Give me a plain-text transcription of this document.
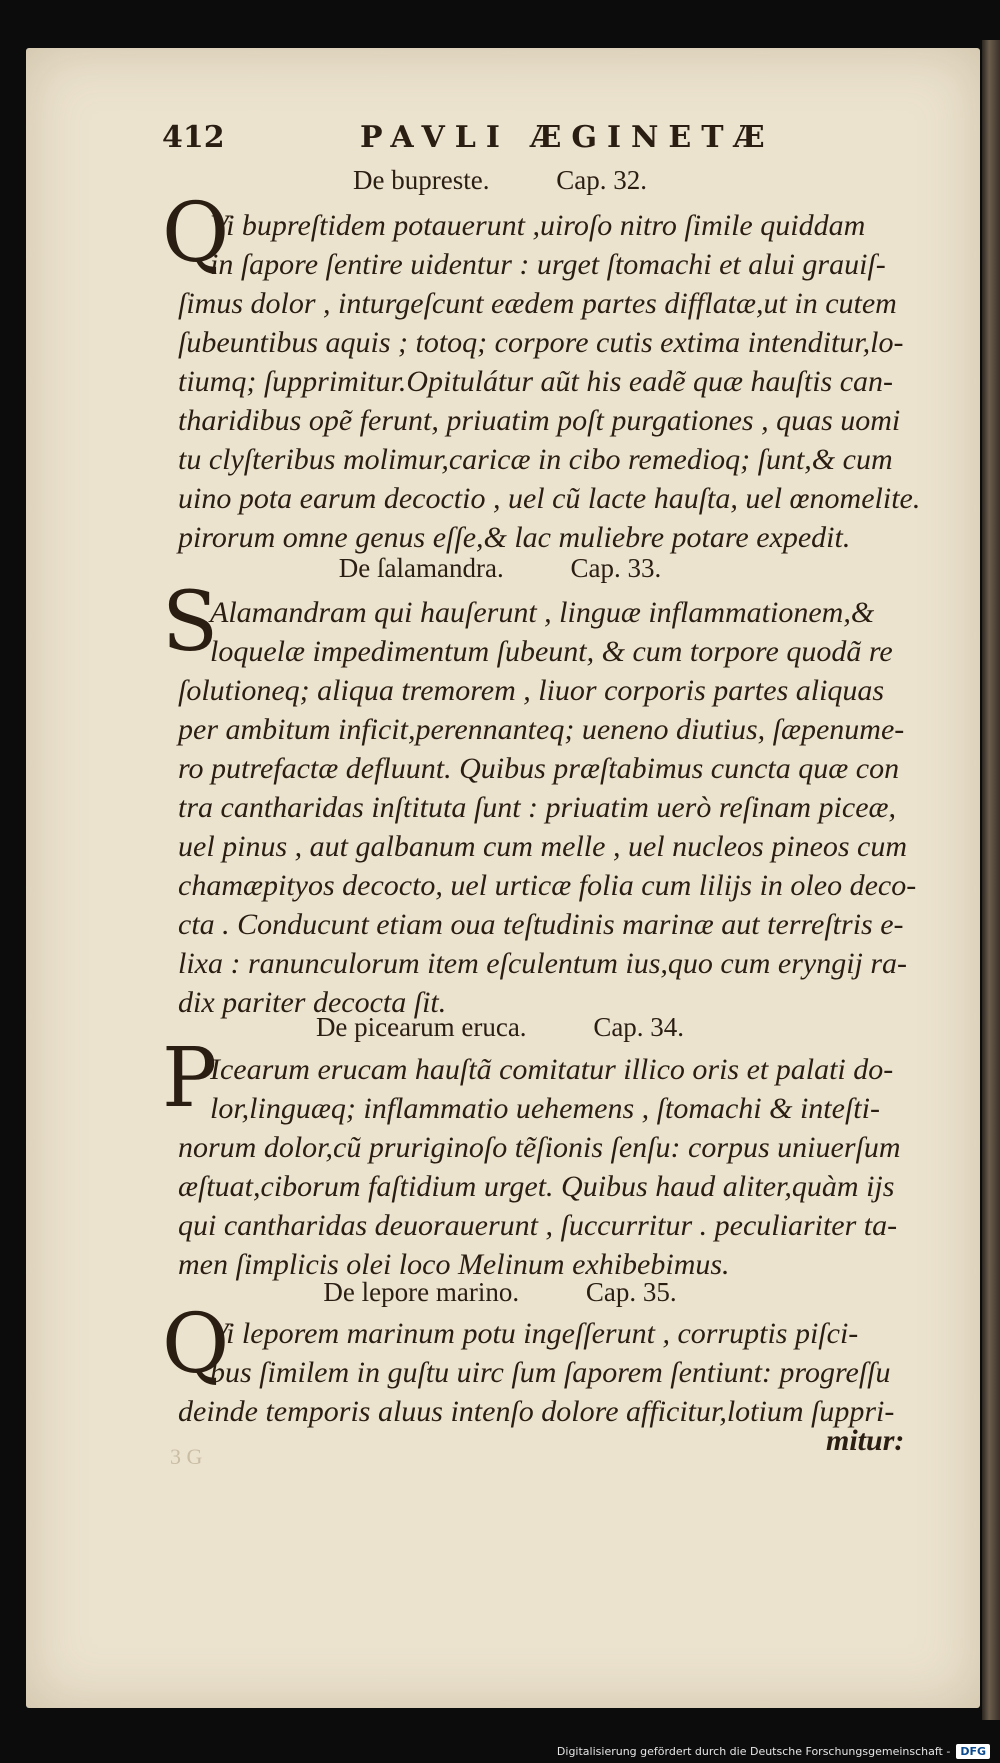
412	PAVLI ÆGINETÆ
De bupreste. Cap. 32.
Q
Vi bupreſtidem potauerunt ,uiroſo nitro ſimile quiddam
in ſapore ſentire uidentur : urget ſtomachi et alui grauiſ-
ſimus dolor , inturgeſcunt eædem partes difflatæ,ut in cutem
ſubeuntibus aquis ; totoq; corpore cutis extima intenditur,lo-
tiumq; ſupprimitur.Opitulátur aũt his eadẽ quæ hauſtis can-
tharidibus opẽ ferunt, priuatim poſt purgationes , quas uomi
tu clyſteribus molimur,caricæ in cibo remedioq; ſunt,& cum
uino pota earum decoctio , uel cũ lacte hauſta, uel œnomelite.
pirorum omne genus eſſe,& lac muliebre potare expedit.
De ſalamandra. Cap. 33.
S
Alamandram qui hauſerunt , linguæ inflammationem,&
loquelæ impedimentum ſubeunt, & cum torpore quodã re
ſolutioneq; aliqua tremorem , liuor corporis partes aliquas
per ambitum inficit,perennanteq; ueneno diutius, ſæpenume-
ro putrefactæ defluunt. Quibus præſtabimus cuncta quæ con
tra cantharidas inſtituta ſunt : priuatim uerò reſinam piceæ,
uel pinus , aut galbanum cum melle , uel nucleos pineos cum
chamæpityos decocto, uel urticæ folia cum lilijs in oleo deco-
cta . Conducunt etiam oua teſtudinis marinæ aut terreſtris e-
lixa : ranunculorum item eſculentum ius,quo cum eryngij ra-
dix pariter decocta ſit.
De picearum eruca. Cap. 34.
P
Icearum erucam hauſtã comitatur illico oris et palati do-
lor,linguæq; inflammatio uehemens , ſtomachi & inteſti-
norum dolor,cũ pruriginoſo tẽſionis ſenſu: corpus uniuerſum
æſtuat,ciborum faſtidium urget. Quibus haud aliter,quàm ijs
qui cantharidas deuorauerunt , ſuccurritur . peculiariter ta-
men ſimplicis olei loco Melinum exhibebimus.
De lepore marino. Cap. 35.
Q
Vi leporem marinum potu ingeſſerunt , corruptis piſci-
bus ſimilem in guſtu uirc ſum ſaporem ſentiunt: progreſſu
deinde temporis aluus intenſo dolore afficitur,lotium ſuppri-
3 G	mitur:
Digitalisierung gefördert durch die Deutsche Forschungsgemeinschaft - DFG
